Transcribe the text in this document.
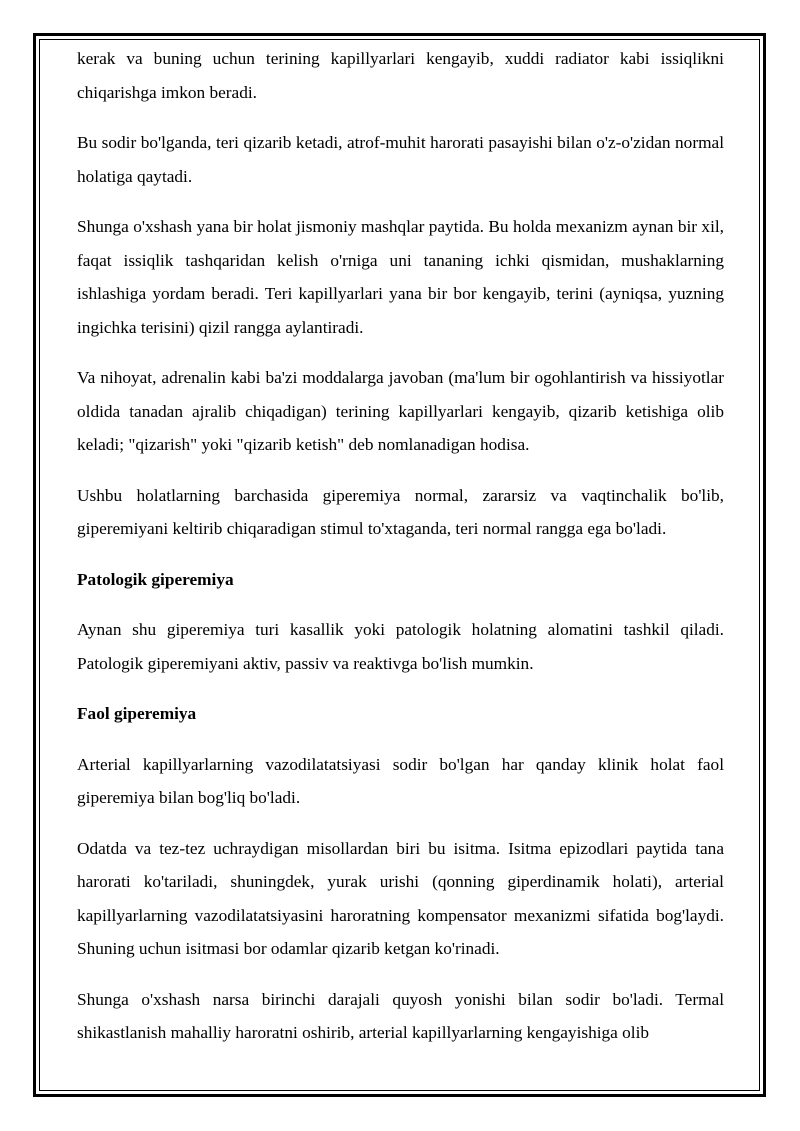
kerak va buning uchun terining kapillyarlari kengayib, xuddi radiator kabi issiqlikni chiqarishga imkon beradi.

Bu sodir bo'lganda, teri qizarib ketadi, atrof-muhit harorati pasayishi bilan o'z-o'zidan normal holatiga qaytadi.

Shunga o'xshash yana bir holat jismoniy mashqlar paytida. Bu holda mexanizm aynan bir xil, faqat issiqlik tashqaridan kelish o'rniga uni tananing ichki qismidan, mushaklarning ishlashiga yordam beradi. Teri kapillyarlari yana bir bor kengayib, terini (ayniqsa, yuzning ingichka terisini) qizil rangga aylantiradi.

Va nihoyat, adrenalin kabi ba'zi moddalarga javoban (ma'lum bir ogohlantirish va hissiyotlar oldida tanadan ajralib chiqadigan) terining kapillyarlari kengayib, qizarib ketishiga olib keladi; "qizarish" yoki "qizarib ketish" deb nomlanadigan hodisa.

Ushbu holatlarning barchasida giperemiya normal, zararsiz va vaqtinchalik bo'lib, giperemiyani keltirib chiqaradigan stimul to'xtaganda, teri normal rangga ega bo'ladi.

Patologik giperemiya

Aynan shu giperemiya turi kasallik yoki patologik holatning alomatini tashkil qiladi. Patologik giperemiyani aktiv, passiv va reaktivga bo'lish mumkin.

Faol giperemiya

Arterial kapillyarlarning vazodilatatsiyasi sodir bo'lgan har qanday klinik holat faol giperemiya bilan bog'liq bo'ladi.

Odatda va tez-tez uchraydigan misollardan biri bu isitma. Isitma epizodlari paytida tana harorati ko'tariladi, shuningdek, yurak urishi (qonning giperdinamik holati), arterial kapillyarlarning vazodilatatsiyasini haroratning kompensator mexanizmi sifatida bog'laydi. Shuning uchun isitmasi bor odamlar qizarib ketgan ko'rinadi.

Shunga o'xshash narsa birinchi darajali quyosh yonishi bilan sodir bo'ladi. Termal shikastlanish mahalliy haroratni oshirib, arterial kapillyarlarning kengayishiga olib
